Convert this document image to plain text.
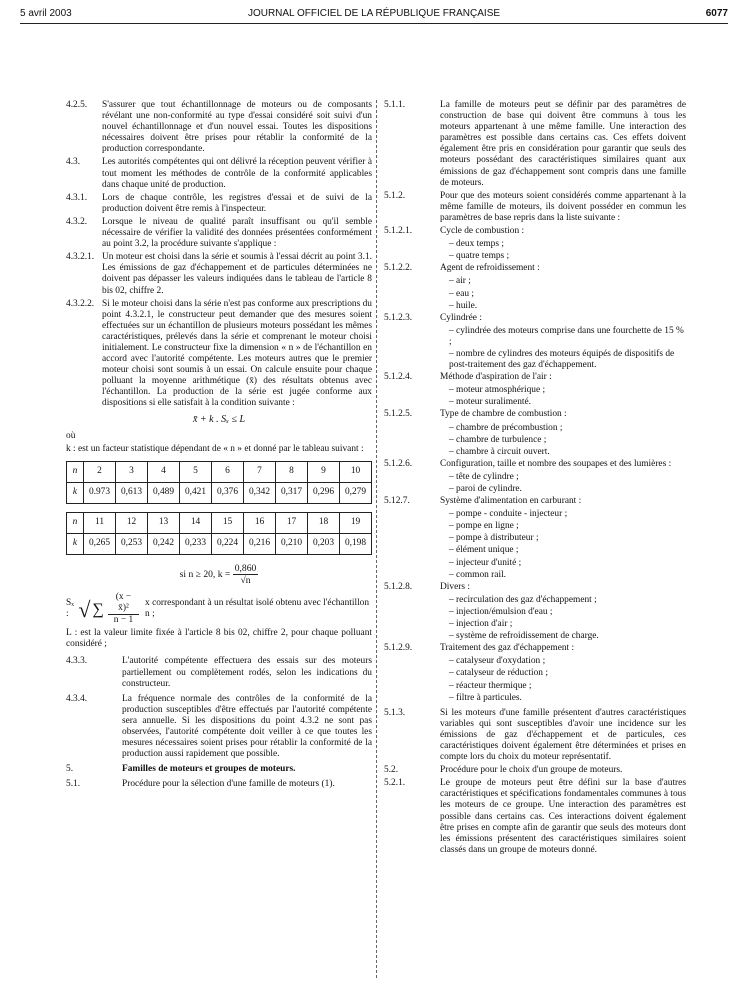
5 avril 2003	JOURNAL OFFICIEL DE LA RÉPUBLIQUE FRANÇAISE	6077
4.2.5.	S'assurer que tout échantillonnage de moteurs ou de composants révélant une non-conformité au type d'essai considéré soit suivi d'un nouvel échantillonnage et d'un nouvel essai. Toutes les dispositions nécessaires doivent être prises pour rétablir la conformité de la production correspondante.
4.3.	Les autorités compétentes qui ont délivré la réception peuvent vérifier à tout moment les méthodes de contrôle de la conformité applicables dans chaque unité de production.
4.3.1.	Lors de chaque contrôle, les registres d'essai et de suivi de la production doivent être remis à l'inspecteur.
4.3.2.	Lorsque le niveau de qualité paraît insuffisant ou qu'il semble nécessaire de vérifier la validité des données présentées conformément au point 3.2, la procédure suivante s'applique :
4.3.2.1. Un moteur est choisi dans la série et soumis à l'essai décrit au point 3.1. Les émissions de gaz d'échappement et de particules déterminées ne doivent pas dépasser les valeurs indiquées dans le tableau de l'article 8 bis 02, chiffre 2.
4.3.2.2. Si le moteur choisi dans la série n'est pas conforme aux prescriptions du point 4.3.2.1, le constructeur peut demander que des mesures soient effectuées sur un échantillon de plusieurs moteurs possédant les mêmes caractéristiques, prélevés dans la série et comprenant le moteur choisi initialement. Le constructeur fixe la dimension « n » de l'échantillon en accord avec l'autorité compétente. Les moteurs autres que le premier moteur choisi sont soumis à un essai. On calcule ensuite pour chaque polluant la moyenne arithmétique (x̄) des résultats obtenus avec l'échantillon. La production de la série est jugée conforme aux dispositions si elle satisfait à la condition suivante :
x̄ + k . Sₓ ≤ L
où
k : est un facteur statistique dépendant de « n » et donné par le tableau suivant :
n	2	3	4	5	6	7	8	9	10
k	0.973	0,613	0,489	0,421	0,376	0,342	0,317	0,296	0,279
n	11	12	13	14	15	16	17	18	19
k	0,265	0,253	0,242	0,233	0,224	0,216	0,210	0,203	0,198
si n ≥ 20, $k = \frac{0,860}{√n}$
Sₓ : √ ∑ $\frac{\text{(x − x̄)²}}{n - 1}$ x correspondant à un résultat isolé obtenu avec l'échantillon n ;
L : est la valeur limite fixée à l'article 8 bis 02, chiffre 2, pour chaque polluant considéré ;
4.3.3.	L'autorité compétente effectuera des essais sur des moteurs partiellement ou complètement rodés, selon les indications du constructeur.
4.3.4.	La fréquence normale des contrôles de la conformité de la production susceptibles d'être effectués par l'autorité compétente sera annuelle. Si les dispositions du point 4.3.2 ne sont pas observées, l'autorité compétente doit veiller à ce que toutes les mesures nécessaires soient prises pour rétablir la conformité de la production aussi rapidement que possible.
5.	Familles de moteurs et groupes de moteurs.
5.1.	Procédure pour la sélection d'une famille de moteurs (1).
5.1.1.	La famille de moteurs peut se définir par des paramètres de construction de base qui doivent être communs à tous les moteurs appartenant à une même famille. Une interaction des paramètres est possible dans certains cas. Ces effets doivent également être pris en considération pour garantir que seuls des moteurs possédant des caractéristiques similaires quant aux émissions de gaz d'échappement sont compris dans une famille de moteurs.
5.1.2.	Pour que des moteurs soient considérés comme appartenant à la même famille de moteurs, ils doivent posséder en commun les paramètres de base repris dans la liste suivante :
5.1.2.1.	Cycle de combustion :
– deux temps ;
– quatre temps ;
5.1.2.2.	Agent de refroidissement :
– air ;
– eau ;
– huile.
5.1.2.3.	Cylindrée :
– cylindrée des moteurs comprise dans une fourchette de 15 % ;
– nombre de cylindres des moteurs équipés de dispositifs de post-traitement des gaz d'échappement.
5.1.2.4.	Méthode d'aspiration de l'air :
– moteur atmosphérique ;
– moteur suralimenté.
5.1.2.5.	Type de chambre de combustion :
– chambre de précombustion ;
– chambre de turbulence ;
– chambre à circuit ouvert.
5.1.2.6.	Configuration, taille et nombre des soupapes et des lumières :
– tête de cylindre ;
– paroi de cylindre.
5.12.7.	Système d'alimentation en carburant :
– pompe - conduite - injecteur ;
– pompe en ligne ;
– pompe à distributeur ;
– élément unique ;
– injecteur d'unité ;
– common rail.
5.1.2.8.	Divers :
– recirculation des gaz d'échappement ;
– injection/émulsion d'eau ;
– injection d'air ;
– système de refroidissement de charge.
5.1.2.9.	Traitement des gaz d'échappement :
– catalyseur d'oxydation ;
– catalyseur de réduction ;
– réacteur thermique ;
– filtre à particules.
5.1.3.	Si les moteurs d'une famille présentent d'autres caractéristiques variables qui sont susceptibles d'avoir une incidence sur les émissions de gaz d'échappement et de particules, ces caractéristiques doivent également être déterminées et prises en compte lors du choix du moteur représentatif.
5.2.	Procédure pour le choix d'un groupe de moteurs.
5.2.1.	Le groupe de moteurs peut être défini sur la base d'autres caractéristiques et spécifications fondamentales communes à tous les moteurs de ce groupe. Une interaction des paramètres est possible dans certains cas. Ces interactions doivent également être prises en compte afin de garantir que seuls des moteurs dont les émissions présentent des caractéristiques similaires soient classés dans un groupe de moteurs donné.
